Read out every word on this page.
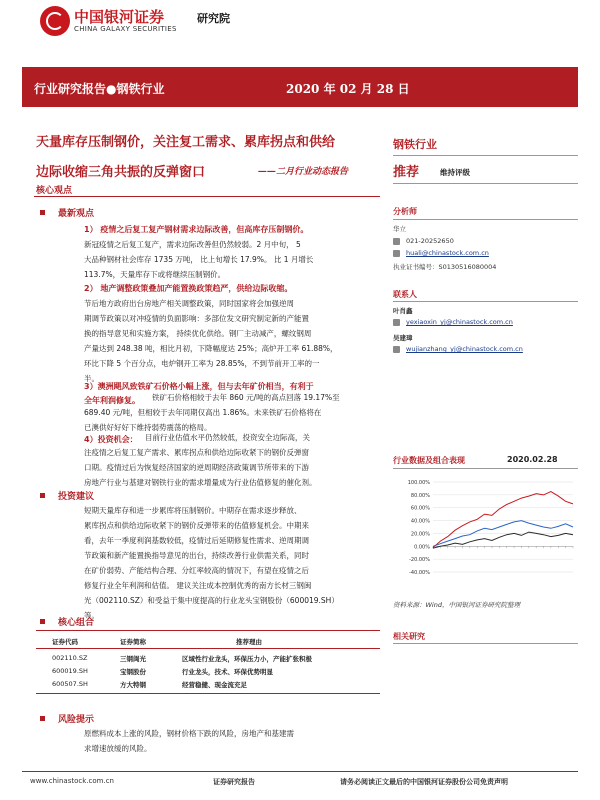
中国银河证券
CHINA GALAXY SECURITIES
研究院
行业研究报告●钢铁行业	2020 年 02 月 28 日
天量库存压制钢价，关注复工需求、累库拐点和供给
边际收缩三角共振的反弹窗口	——二月行业动态报告
核心观点
最新观点
1） 疫情之后复工复产钢材需求边际改善，但高库存压制钢价。
新冠疫情之后复工复产，需求边际改善但仍然较弱。2 月中旬， 5
大品种钢材社会库存 1735 万吨， 比上旬增长 17.9%。 比 1 月增长
113.7%，天量库存下或将继续压制钢价。
2） 地产调整政策叠加产能置换政策趋严，供给边际收缩。
节后地方政府出台房地产相关调整政策，同时国家将会加强逆周
期调节政策以对冲疫情的负面影响：多部位发文研究制定新的产能置
换的指导意见和实施方案， 持续优化供给。钢厂主动减产，螺纹钢周
产量达到 248.38 吨，相比月初，下降幅度达 25%；高炉开工率 61.88%，
环比下降 5 个百分点，电炉钢开工率为 28.85%，不到节前开工率的一
半。
3）澳洲飓风致铁矿石价格小幅上涨，但与去年矿价相当，有利于
全年利润修复。 铁矿石价格相较于去年 860 元/吨的高点回落 19.17%至
689.40 元/吨，但相较于去年同期仅高出 1.86%。未来铁矿石价格将在
已澳供好好好下维持弱势震荡的格局。
4）投资机会： 目前行业估值水平仍然较低，投资安全边际高，关
注疫情之后复工复产需求、累库拐点和供给边际收紧下的钢价反弹窗
口期。疫情过后为恢复经济国家的逆周期经济政策调节所带来的下游
房地产行业与基建对钢铁行业的需求增量成为行业估值修复的催化剂。
投资建议
短期天量库存和进一步累库将压制钢价。中期存在需求逐步释放、
累库拐点和供给边际收紧下的钢价反弹带来的估值修复机会。中期来
看，去年一季度利润基数较低，疫情过后延期修复性需求、逆周期调
节政策和新产能置换指导意见的出台，持续改善行业供需关系，同时
在矿价弱势、产能结构合理、分红率较高的情况下，有望在疫情之后
修复行业全年利润和估值。 建议关注成本控制优秀的南方长材三钢闽
光（002110.SZ）和受益于集中度提高的行业龙头宝钢股份（600019.SH）
等。
核心组合
证券代码	证券简称	推荐理由
002110.SZ	三钢闽光	区域性行业龙头，环保压力小，产能扩张积极
600019.SH	宝钢股份	行业龙头，技术、环保优势明显
600507.SH	方大特钢	经营稳健、现金流充足
风险提示
原燃料成本上涨的风险，钢材价格下跌的风险，房地产和基建需
求增速放缓的风险。
钢铁行业
推荐	维持评级
分析师
华立
021-20252650
huali@chinastock.com.cn
执业证书编号：S0130516080004
联系人
叶肖鑫
yexiaoxin_yj@chinastock.com.cn
吴建璋
wujianzhang_yj@chinastock.com.cn
行业数据及组合表现	2020.02.28
100.00%
80.00%
60.00%
40.00%
20.00%
0.00%
-20.00%
-40.00%
资料来源：Wind，中国银河证券研究院整理
相关研究
www.chinastock.com.cn	证券研究报告	请务必阅读正文最后的中国银河证券股份公司免责声明
